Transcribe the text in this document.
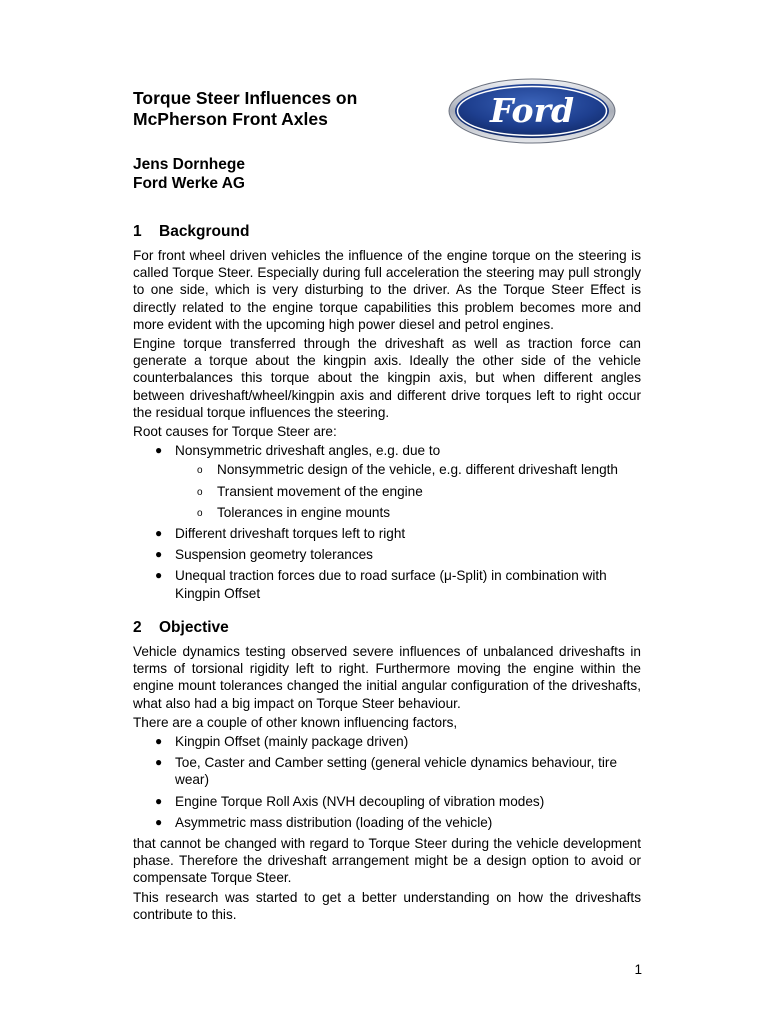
Torque Steer Influences on

McPherson Front Axles	Ford

Jens Dornhege

Ford Werke AG

1 Background

For front wheel driven vehicles the influence of the engine torque on the steering is called Torque Steer. Especially during full acceleration the steering may pull strongly to one side, which is very disturbing to the driver. As the Torque Steer Effect is directly related to the engine torque capabilities this problem becomes more and more evident with the upcoming high power diesel and petrol engines.

Engine torque transferred through the driveshaft as well as traction force can generate a torque about the kingpin axis. Ideally the other side of the vehicle counterbalances this torque about the kingpin axis, but when different angles between driveshaft/wheel/kingpin axis and different drive torques left to right occur the residual torque influences the steering.

Root causes for Torque Steer are:

● Nonsymmetric driveshaft angles, e.g. due to
o Nonsymmetric design of the vehicle, e.g. different driveshaft length
o Transient movement of the engine
o Tolerances in engine mounts
● Different driveshaft torques left to right
● Suspension geometry tolerances
● Unequal traction forces due to road surface (μ-Split) in combination with Kingpin Offset
2 Objective

Vehicle dynamics testing observed severe influences of unbalanced driveshafts in terms of torsional rigidity left to right. Furthermore moving the engine within the engine mount tolerances changed the initial angular configuration of the driveshafts, what also had a big impact on Torque Steer behaviour.

There are a couple of other known influencing factors,

● Kingpin Offset (mainly package driven)
● Toe, Caster and Camber setting (general vehicle dynamics behaviour, tire wear)
● Engine Torque Roll Axis (NVH decoupling of vibration modes)
● Asymmetric mass distribution (loading of the vehicle)

that cannot be changed with regard to Torque Steer during the vehicle development phase. Therefore the driveshaft arrangement might be a design option to avoid or compensate Torque Steer.

This research was started to get a better understanding on how the driveshafts contribute to this.

1
